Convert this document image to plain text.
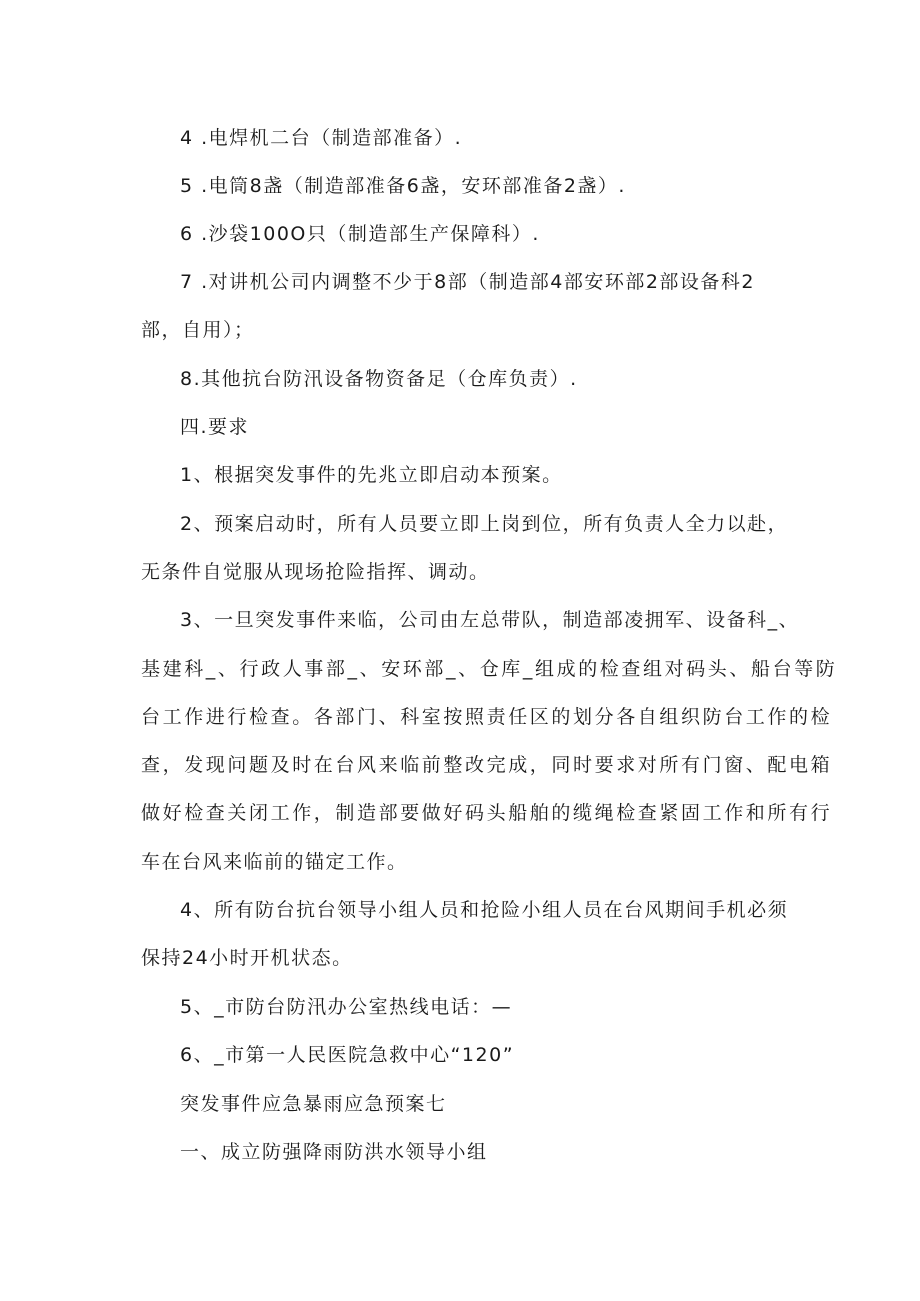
4 .电焊机二台（制造部准备）.
5 .电筒8盏（制造部准备6盏，安环部准备2盏）.
6 .沙袋100O只（制造部生产保障科）.
7 .对讲机公司内调整不少于8部（制造部4部安环部2部设备科2
部，自用）；
8.其他抗台防汛设备物资备足（仓库负责）.
四.要求
1、根据突发事件的先兆立即启动本预案。
2、预案启动时，所有人员要立即上岗到位，所有负责人全力以赴，
无条件自觉服从现场抢险指挥、调动。
3、一旦突发事件来临，公司由左总带队，制造部凌拥军、设备科_、
基建科_、行政人事部_、安环部_、仓库_组成的检查组对码头、船台等防
台工作进行检查。各部门、科室按照责任区的划分各自组织防台工作的检
查，发现问题及时在台风来临前整改完成，同时要求对所有门窗、配电箱
做好检查关闭工作，制造部要做好码头船舶的缆绳检查紧固工作和所有行
车在台风来临前的锚定工作。
4、所有防台抗台领导小组人员和抢险小组人员在台风期间手机必须
保持24小时开机状态。
5、_市防台防汛办公室热线电话：—
6、_市第一人民医院急救中心“120”
突发事件应急暴雨应急预案七
一、成立防强降雨防洪水领导小组
